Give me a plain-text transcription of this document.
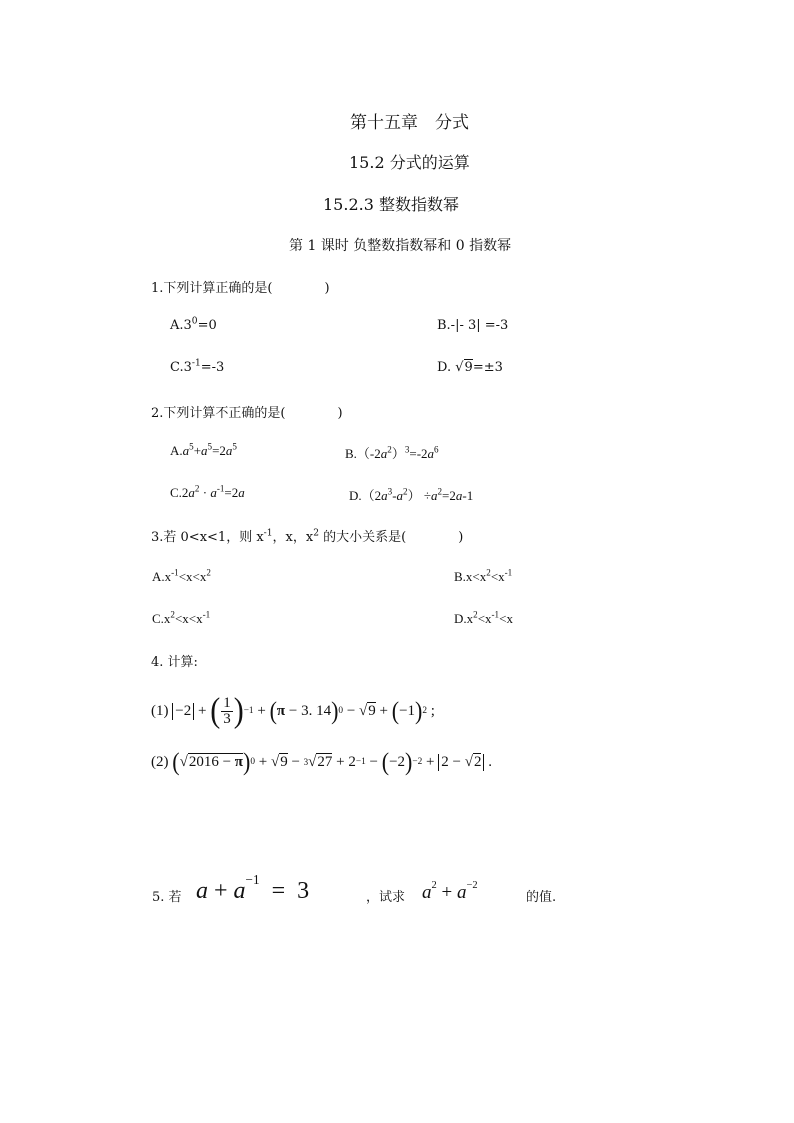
第十五章　分式
15.2 分式的运算
15.2.3 整数指数幂
第 1 课时 负整数指数幂和 0 指数幂
1.下列计算正确的是(　　　　)
$A.3^0=0$	B.-|- 3| =-3
$C.3^{-1}=-3$	D. √9=±3
2.下列计算不正确的是(　　　　)
$A.a^5+a^5=2a^5$	$B.(-2a^2)^3=-2a^6$
$C.2a^2 \cdot a^{-1}=2a$	$D.(2a^3-a^2) \div a^2=2a-1$
3.若 0<x<1，则 $x^{-1}$，x，$x^2$ 的大小关系是(　　　　)
$A.x^{-1}<x<x^2$	$B.x<x^2<x^{-1}$
$C.x^2<x<x^{-1}$	$D.x^2<x^{-1}<x$
4. 计算:
(1) −2 + ( $\frac{1}{3}$ ) −1 + ( π − 3. 14 ) 0 − √ 9 + ( −1 ) 2 ;
(2) ( √ 2016 − π ) 0 + √ 9 − 3 √ 27 + 2 −1 − ( −2 ) −2 + 2 − √2 .
5. 若 $a + a^{-1} = 3$	，试求 $a^2 + a^{-2}$
的值.
